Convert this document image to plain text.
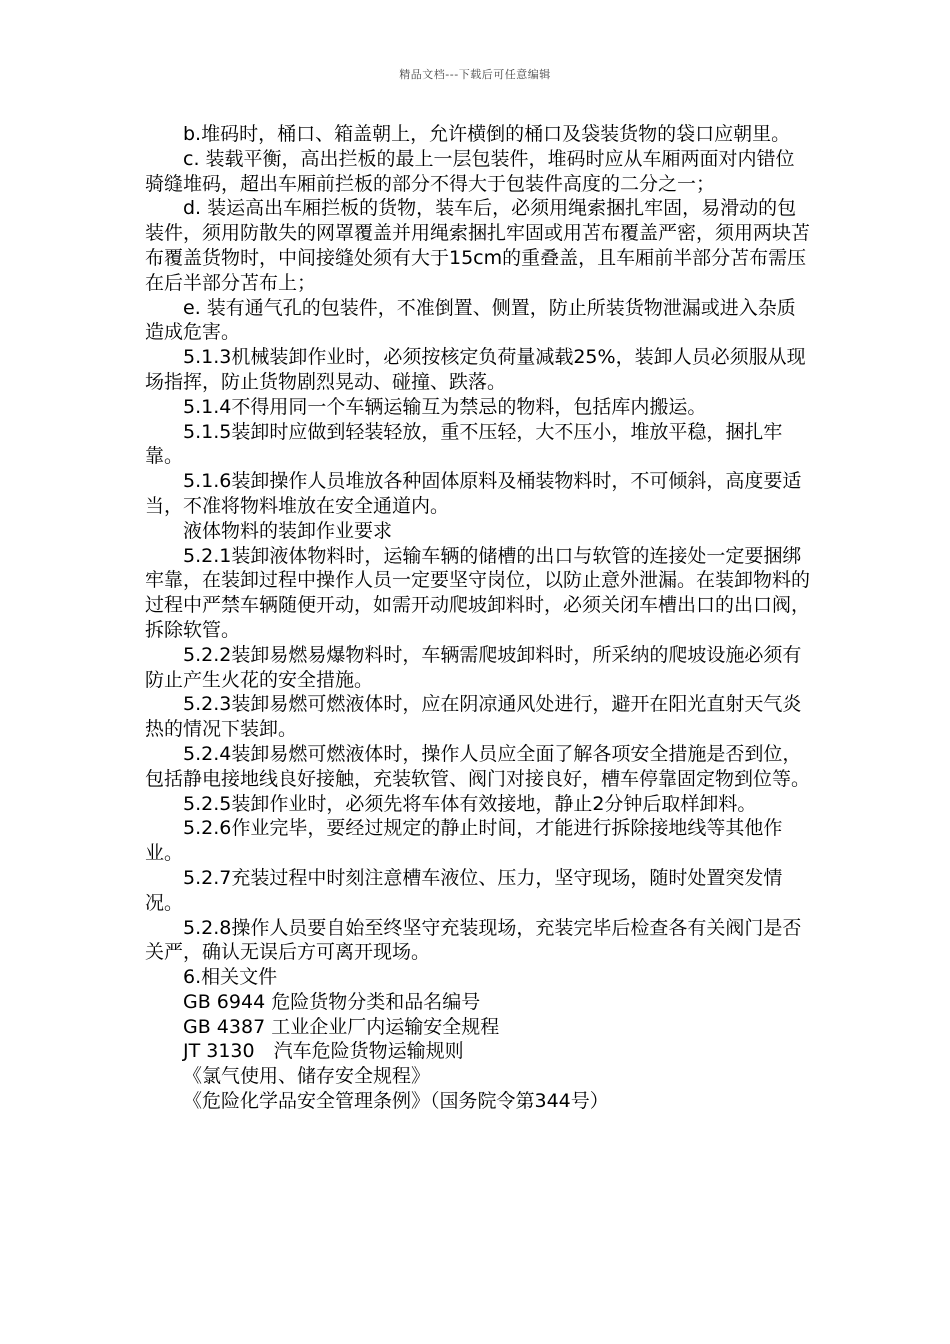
精品文档---下载后可任意编辑

b.堆码时，桶口、箱盖朝上，允许横倒的桶口及袋装货物的袋口应朝里。

c. 装载平衡，高出拦板的最上一层包装件，堆码时应从车厢两面对内错位骑缝堆码，超出车厢前拦板的部分不得大于包装件高度的二分之一；

d. 装运高出车厢拦板的货物，装车后，必须用绳索捆扎牢固，易滑动的包装件，须用防散失的网罩覆盖并用绳索捆扎牢固或用苫布覆盖严密，须用两块苫布覆盖货物时，中间接缝处须有大于15cm的重叠盖，且车厢前半部分苫布需压在后半部分苫布上；

e. 装有通气孔的包装件，不准倒置、侧置，防止所装货物泄漏或进入杂质造成危害。

5.1.3机械装卸作业时，必须按核定负荷量减载25%，装卸人员必须服从现场指挥，防止货物剧烈晃动、碰撞、跌落。

5.1.4不得用同一个车辆运输互为禁忌的物料，包括库内搬运。

5.1.5装卸时应做到轻装轻放，重不压轻，大不压小，堆放平稳，捆扎牢靠。

5.1.6装卸操作人员堆放各种固体原料及桶装物料时，不可倾斜，高度要适当，不准将物料堆放在安全通道内。

液体物料的装卸作业要求

5.2.1装卸液体物料时，运输车辆的储槽的出口与软管的连接处一定要捆绑牢靠，在装卸过程中操作人员一定要坚守岗位，以防止意外泄漏。在装卸物料的过程中严禁车辆随便开动，如需开动爬坡卸料时，必须关闭车槽出口的出口阀，拆除软管。

5.2.2装卸易燃易爆物料时，车辆需爬坡卸料时，所采纳的爬坡设施必须有防止产生火花的安全措施。

5.2.3装卸易燃可燃液体时，应在阴凉通风处进行，避开在阳光直射天气炎热的情况下装卸。

5.2.4装卸易燃可燃液体时，操作人员应全面了解各项安全措施是否到位，包括静电接地线良好接触，充装软管、阀门对接良好，槽车停靠固定物到位等。

5.2.5装卸作业时，必须先将车体有效接地，静止2分钟后取样卸料。

5.2.6作业完毕，要经过规定的静止时间，才能进行拆除接地线等其他作业。

5.2.7充装过程中时刻注意槽车液位、压力，坚守现场，随时处置突发情况。

5.2.8操作人员要自始至终坚守充装现场，充装完毕后检查各有关阀门是否关严，确认无误后方可离开现场。

6.相关文件

GB 6944 危险货物分类和品名编号

GB 4387 工业企业厂内运输安全规程

JT 3130　汽车危险货物运输规则

《氯气使用、储存安全规程》

《危险化学品安全管理条例》（国务院令第344号）
